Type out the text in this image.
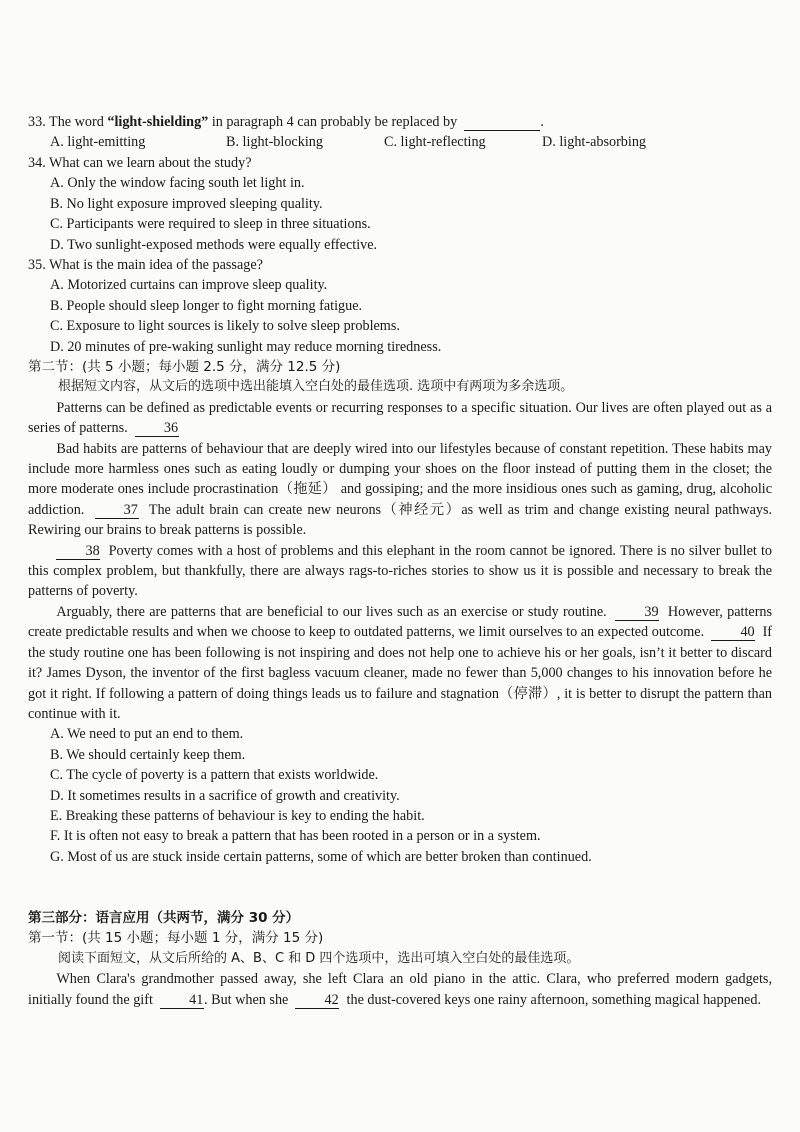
33. The word “light-shielding” in paragraph 4 can probably be replaced by	.
A. light-emitting	B. light-blocking	C. light-reflecting	D. light-absorbing
34. What can we learn about the study?
A. Only the window facing south let light in.
B. No light exposure improved sleeping quality.
C. Participants were required to sleep in three situations.
D. Two sunlight-exposed methods were equally effective.
35. What is the main idea of the passage?
A. Motorized curtains can improve sleep quality.
B. People should sleep longer to fight morning fatigue.
C. Exposure to light sources is likely to solve sleep problems.
D. 20 minutes of pre-waking sunlight may reduce morning tiredness.
第二节：(共 5 小题；每小题 2.5 分，满分 12.5 分)
根据短文内容，从文后的选项中选出能填入空白处的最佳选项. 选项中有两项为多余选项。

Patterns can be defined as predictable events or recurring responses to a specific situation. Our lives are often played out as a series of patterns.	36

Bad habits are patterns of behaviour that are deeply wired into our lifestyles because of constant repetition. These habits may include more harmless ones such as eating loudly or dumping your shoes on the floor instead of putting them in the closet; the more moderate ones include procrastination（拖延） and gossiping; and the more insidious ones such as gaming, drug, alcoholic addiction.	37 The adult brain can create new neurons（神经元）as well as trim and change existing neural pathways. Rewiring our brains to break patterns is possible.

38 Poverty comes with a host of problems and this elephant in the room cannot be ignored. There is no silver bullet to this complex problem, but thankfully, there are always rags-to-riches stories to show us it is possible and necessary to break the patterns of poverty.

Arguably, there are patterns that are beneficial to our lives such as an exercise or study routine.	39 However, patterns create predictable results and when we choose to keep to outdated patterns, we limit ourselves to an expected outcome.	40 If the study routine one has been following is not inspiring and does not help one to achieve his or her goals, isn’t it better to discard it? James Dyson, the inventor of the first bagless vacuum cleaner, made no fewer than 5,000 changes to his innovation before he got it right. If following a pattern of doing things leads us to failure and stagnation（停滞）, it is better to disrupt the pattern than continue with it.

A. We need to put an end to them.
B. We should certainly keep them.
C. The cycle of poverty is a pattern that exists worldwide.
D. It sometimes results in a sacrifice of growth and creativity.
E. Breaking these patterns of behaviour is key to ending the habit.
F. It is often not easy to break a pattern that has been rooted in a person or in a system.
G. Most of us are stuck inside certain patterns, some of which are better broken than continued.
第三部分：语言应用（共两节，满分 30 分）
第一节：(共 15 小题；每小题 1 分，满分 15 分)
阅读下面短文，从文后所给的 A、B、C 和 D 四个选项中，选出可填入空白处的最佳选项。

When Clara's grandmother passed away, she left Clara an old piano in the attic. Clara, who preferred modern gadgets, initially found the gift	41. But when she	42 the dust-covered keys one rainy afternoon, something magical happened.
